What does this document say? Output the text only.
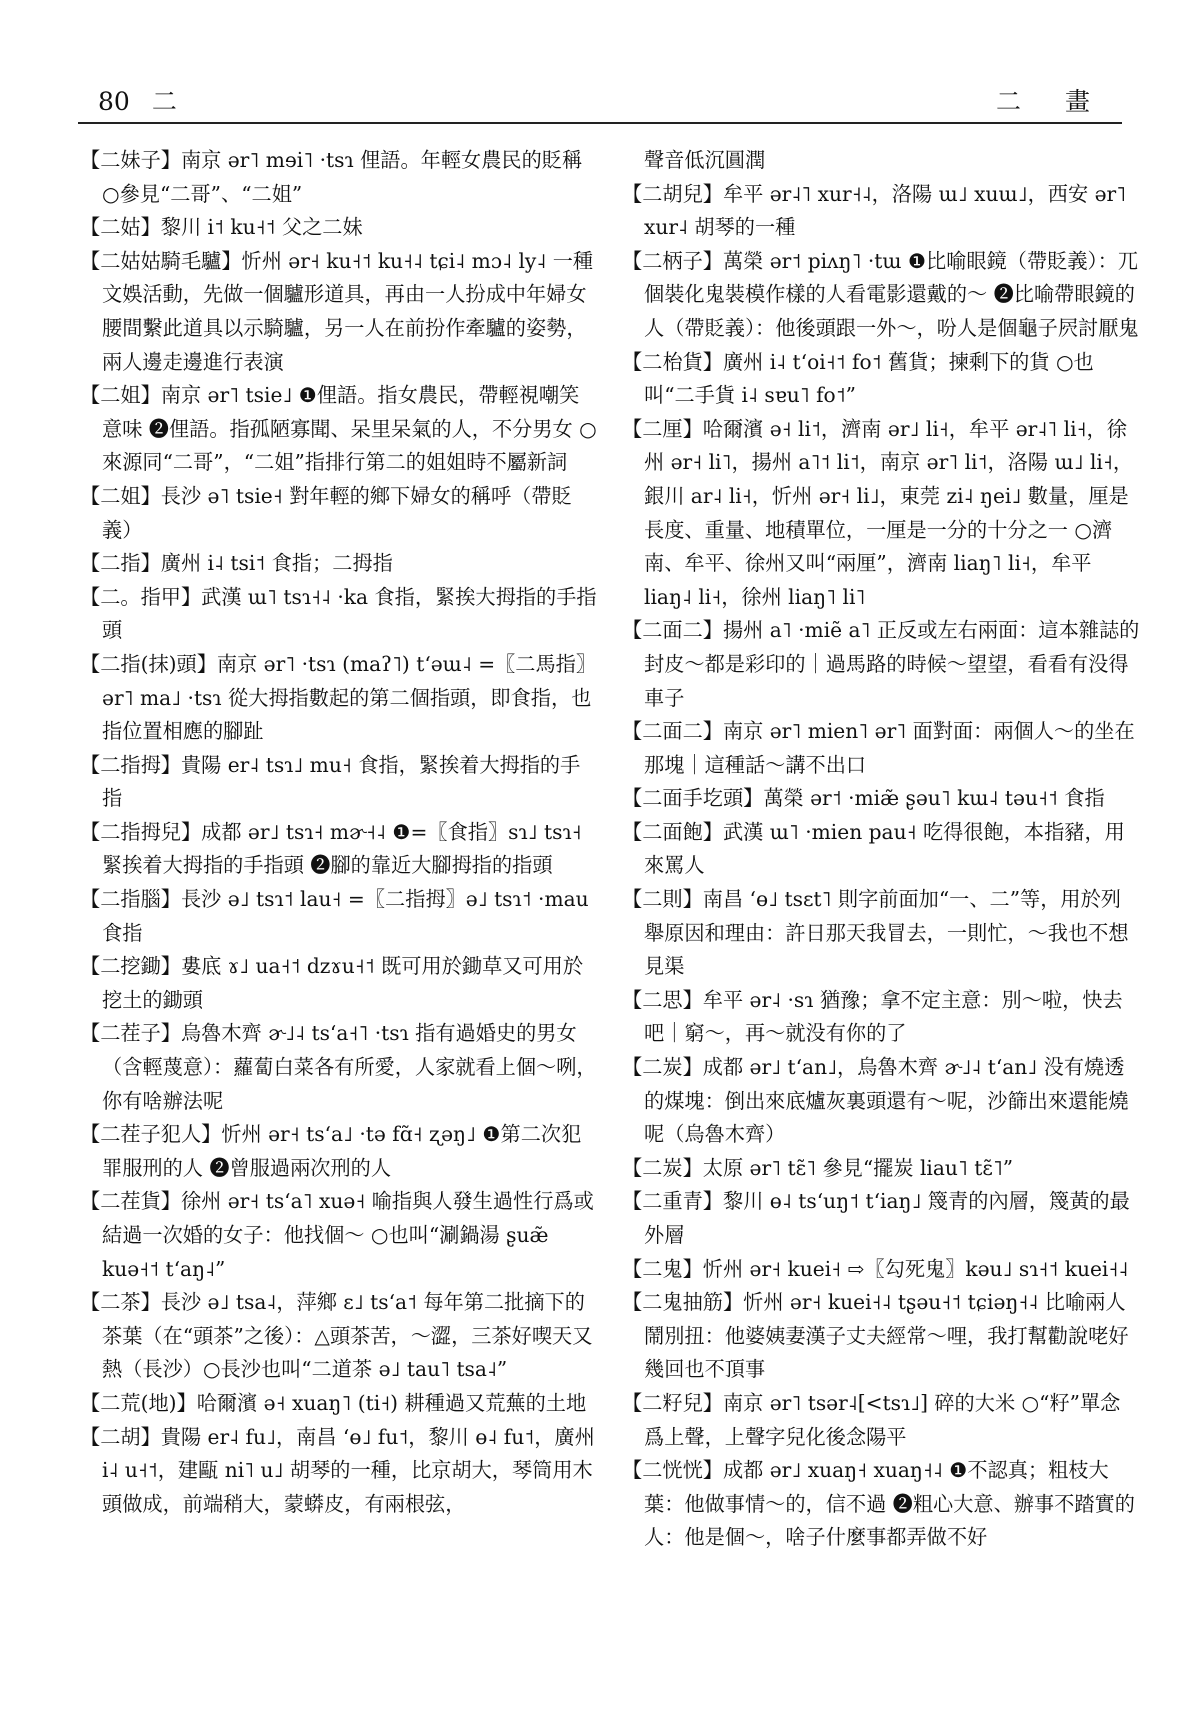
80 二	二 畫

【二妹子】南京 ər˥ mɘi˥ ·tsɿ 俚語。年輕女農民的貶稱 ○參見“二哥”、“二姐”

【二姑】黎川 i˦ ku˧˦ 父之二妹

【二姑姑騎毛驢】忻州 ər˧ ku˧˦ ku˧˨ tɕi˨ mɔ˨ ly˨ 一種文娛活動，先做一個驢形道具，再由一人扮成中年婦女腰間繫此道具以示騎驢，另一人在前扮作牽驢的姿勢，兩人邊走邊進行表演

【二姐】南京 ər˥ tsie˩ ❶俚語。指女農民，帶輕視嘲笑意味 ❷俚語。指孤陋寡聞、呆里呆氣的人，不分男女 ○來源同“二哥”，“二姐”指排行第二的姐姐時不屬新詞

【二姐】長沙 ə˥ tsie˧ 對年輕的鄉下婦女的稱呼（帶貶義）

【二指】廣州 i˨ tsi˦ 食指；二拇指

【二。指甲】武漢 ɯ˥ tsɿ˧˨ ·ka 食指，緊挨大拇指的手指頭

【二指(抹)頭】南京 ər˥ ·tsɿ (maʔ˥) tʻəɯ˨ =〖二馬指〗ər˥ ma˩ ·tsɿ 從大拇指數起的第二個指頭，即食指，也指位置相應的腳趾

【二指拇】貴陽 er˨ tsɿ˩ mu˧ 食指，緊挨着大拇指的手指

【二指拇兒】成都 ər˩ tsɿ˧ mɚ˧˨ ❶=〖食指〗sɿ˩ tsɿ˧ 緊挨着大拇指的手指頭 ❷腳的靠近大腳拇指的指頭

【二指腦】長沙 ə˩ tsɿ˦ lau˧ =〖二指拇〗ə˩ tsɿ˦ ·mau 食指

【二挖鋤】婁底 ɤ˩ ua˧˦ dzɤu˧˦ 既可用於鋤草又可用於挖土的鋤頭

【二茬子】烏魯木齊 ɚ˩˨ tsʻa˧˥ ·tsɿ 指有過婚史的男女（含輕蔑意）：蘿蔔白菜各有所愛，人家就看上個～咧，你有啥辦法呢

【二茬子犯人】忻州 ər˧ tsʻa˩ ·tə fɑ̃˧ ʐəŋ˩ ❶第二次犯罪服刑的人 ❷曾服過兩次刑的人

【二茬貨】徐州 ər˧ tsʻa˥ xuə˧ 喻指與人發生過性行爲或結過一次婚的女子：他找個～ ○也叫“涮鍋湯 ʂuæ̃ kuə˧˦ tʻaŋ˨”

【二茶】長沙 ə˩ tsa˨，萍鄉 ɛ˩ tsʻa˦ 每年第二批摘下的茶葉（在“頭茶”之後）：△頭茶苦，～澀，三茶好喫天又熱（長沙）○長沙也叫“二道茶 ə˩ tau˥ tsa˨”

【二荒(地)】哈爾濱 ə˧ xuaŋ˥ (ti˧) 耕種過又荒蕪的土地

【二胡】貴陽 er˨ fu˩，南昌 ʻɵ˩ fu˦，黎川 ɵ˨ fu˦，廣州 i˨ u˧˦，建甌 ni˥ u˩ 胡琴的一種，比京胡大，琴筒用木頭做成，前端稍大，蒙蟒皮，有兩根弦，

聲音低沉圓潤

【二胡兒】牟平 ər˨˥ xur˧˨，洛陽 ɯ˩ xuɯ˩，西安 ər˥ xur˨ 胡琴的一種

【二柄子】萬榮 ər˦ piʌŋ˥ ·tɯ ❶比喻眼鏡（帶貶義）：兀個裝化鬼裝模作樣的人看電影還戴的～ ❷比喻帶眼鏡的人（帶貶義）：他後頭跟一外～，吩人是個龜子屄討厭鬼

【二枱貨】廣州 i˨ tʻoi˧˦ fo˦ 舊貨；揀剩下的貨 ○也叫“二手貨 i˨ sɐu˥ fo˦”

【二厘】哈爾濱 ə˧ li˦，濟南 ər˩ li˧，牟平 ər˨˥ li˧，徐州 ər˧ li˥，揚州 a˥˦ li˦，南京 ər˥ li˦，洛陽 ɯ˩ li˧，銀川 ar˨ li˧，忻州 ər˧ li˩，東莞 zi˨ ŋei˩ 數量，厘是長度、重量、地積單位，一厘是一分的十分之一 ○濟南、牟平、徐州又叫“兩厘”，濟南 liaŋ˥ li˧，牟平 liaŋ˨ li˧，徐州 liaŋ˥ li˥

【二面二】揚州 a˥ ·miẽ a˥ 正反或左右兩面：這本雜誌的封皮～都是彩印的｜過馬路的時候～望望，看看有没得車子

【二面二】南京 ər˥ mien˥ ər˥ 面對面：兩個人～的坐在那塊｜這種話～講不出口

【二面手圪頭】萬榮 ər˦ ·miæ̃ ʂəu˥ kɯ˨ təu˧˦ 食指

【二面飽】武漢 ɯ˥ ·mien pau˧ 吃得很飽，本指豬，用來罵人

【二則】南昌 ʻɵ˩ tsɛt˥ 則字前面加“一、二”等，用於列舉原因和理由：許日那天我冒去，一則忙，～我也不想見渠

【二思】牟平 ər˨ ·sɿ 猶豫；拿不定主意：別～啦，快去吧｜窮～，再～就没有你的了

【二炭】成都 ər˩ tʻan˩，烏魯木齊 ɚ˩˨ tʻan˩ 没有燒透的煤塊：倒出來底爐灰裏頭還有～呢，沙篩出來還能燒呢（烏魯木齊）

【二炭】太原 ər˥ tɛ̃˥ 參見“擺炭 liau˥ tɛ̃˥”

【二重青】黎川 ɵ˨ tsʻuŋ˦ tʻiaŋ˩ 篾青的內層，篾黃的最外層

【二鬼】忻州 ər˧ kuei˧ ⇨〖勾死鬼〗kəu˩ sɿ˧˦ kuei˧˨

【二鬼抽筋】忻州 ər˧ kuei˧˨ tʂəu˧˦ tɕiəŋ˧˨ 比喻兩人鬧別扭：他婆姨妻漢子丈夫經常～哩，我打幫勸說咾好幾回也不頂事

【二籽兒】南京 ər˥ tsər˨[<tsɿ˩] 碎的大米 ○“籽”單念爲上聲，上聲字兒化後念陽平

【二恍恍】成都 ər˩ xuaŋ˧ xuaŋ˧˨ ❶不認真；粗枝大葉：他做事情～的，信不過 ❷粗心大意、辦事不踏實的人：他是個～，啥子什麼事都弄做不好
